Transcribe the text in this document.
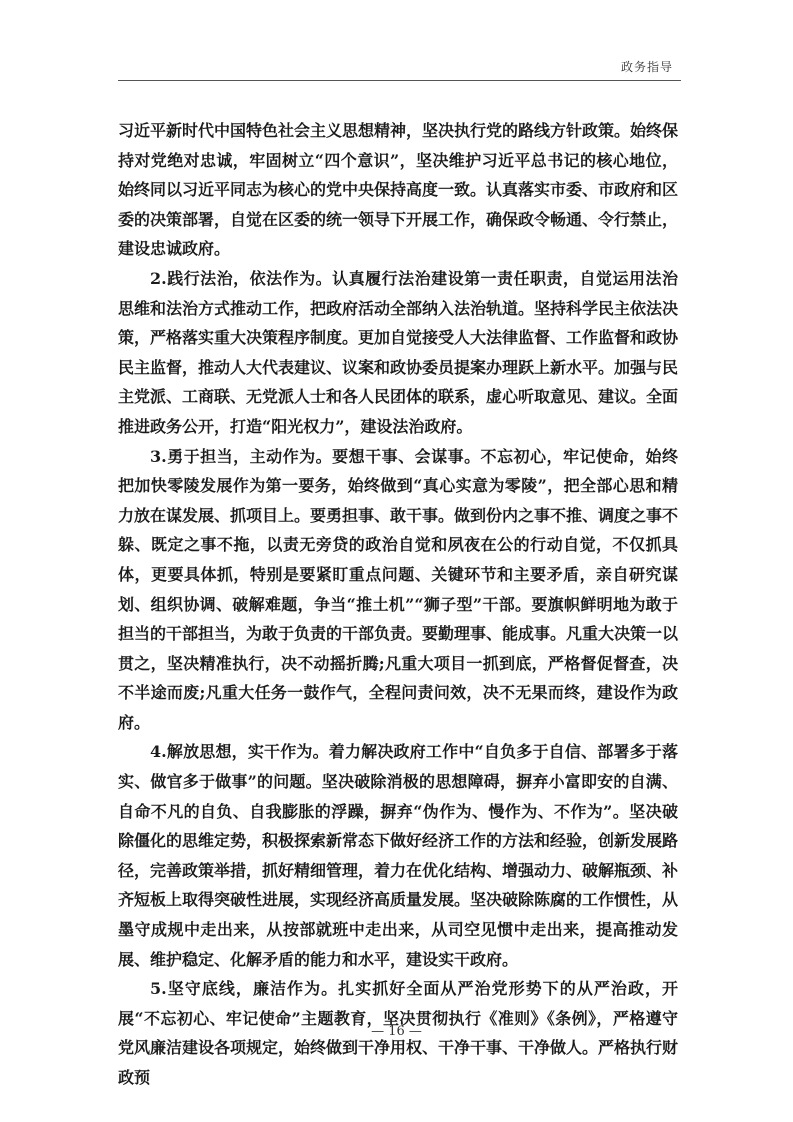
政务指导

习近平新时代中国特色社会主义思想精神，坚决执行党的路线方针政策。始终保持对党绝对忠诚，牢固树立“四个意识”，坚决维护习近平总书记的核心地位，始终同以习近平同志为核心的党中央保持高度一致。认真落实市委、市政府和区委的决策部署，自觉在区委的统一领导下开展工作，确保政令畅通、令行禁止，建设忠诚政府。

2.践行法治，依法作为。认真履行法治建设第一责任职责，自觉运用法治思维和法治方式推动工作，把政府活动全部纳入法治轨道。坚持科学民主依法决策，严格落实重大决策程序制度。更加自觉接受人大法律监督、工作监督和政协民主监督，推动人大代表建议、议案和政协委员提案办理跃上新水平。加强与民主党派、工商联、无党派人士和各人民团体的联系，虚心听取意见、建议。全面推进政务公开，打造“阳光权力”，建设法治政府。

3.勇于担当，主动作为。要想干事、会谋事。不忘初心，牢记使命，始终把加快零陵发展作为第一要务，始终做到“真心实意为零陵”，把全部心思和精力放在谋发展、抓项目上。要勇担事、敢干事。做到份内之事不推、调度之事不躲、既定之事不拖，以责无旁贷的政治自觉和夙夜在公的行动自觉，不仅抓具体，更要具体抓，特别是要紧盯重点问题、关键环节和主要矛盾，亲自研究谋划、组织协调、破解难题，争当“推土机”“狮子型”干部。要旗帜鲜明地为敢于担当的干部担当，为敢于负责的干部负责。要勤理事、能成事。凡重大决策一以贯之，坚决精准执行，决不动摇折腾;凡重大项目一抓到底，严格督促督查，决不半途而废;凡重大任务一鼓作气，全程问责问效，决不无果而终，建设作为政府。

4.解放思想，实干作为。着力解决政府工作中“自负多于自信、部署多于落实、做官多于做事”的问题。坚决破除消极的思想障碍，摒弃小富即安的自满、自命不凡的自负、自我膨胀的浮躁，摒弃“伪作为、慢作为、不作为”。坚决破除僵化的思维定势，积极探索新常态下做好经济工作的方法和经验，创新发展路径，完善政策举措，抓好精细管理，着力在优化结构、增强动力、破解瓶颈、补齐短板上取得突破性进展，实现经济高质量发展。坚决破除陈腐的工作惯性，从墨守成规中走出来，从按部就班中走出来，从司空见惯中走出来，提高推动发展、维护稳定、化解矛盾的能力和水平，建设实干政府。

5.坚守底线，廉洁作为。扎实抓好全面从严治党形势下的从严治政，开展“不忘初心、牢记使命”主题教育，坚决贯彻执行《准则》《条例》，严格遵守党风廉洁建设各项规定，始终做到干净用权、干净干事、干净做人。严格执行财政预

— 16 —
